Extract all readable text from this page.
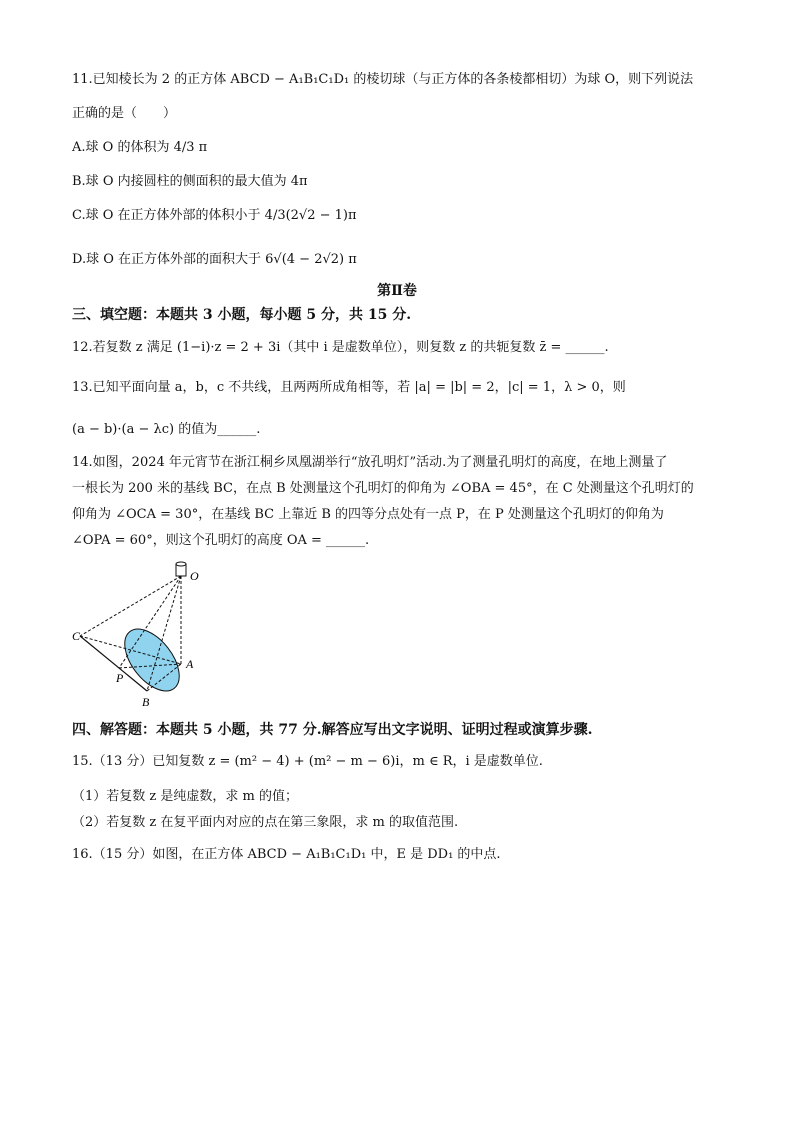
11.已知棱长为 2 的正方体 ABCD − A₁B₁C₁D₁ 的棱切球（与正方体的各条棱都相切）为球 O，则下列说法
正确的是（　　）
A.球 O 的体积为 4/3 π
B.球 O 内接圆柱的侧面积的最大值为 4π
C.球 O 在正方体外部的体积小于 4/3(2√2 − 1)π
D.球 O 在正方体外部的面积大于 6√(4 − 2√2) π
第Ⅱ卷
三、填空题：本题共 3 小题，每小题 5 分，共 15 分.
12.若复数 z 满足 (1−i)·z = 2 + 3i（其中 i 是虚数单位），则复数 z 的共轭复数 z̄ = ______.
13.已知平面向量 a，b，c 不共线，且两两所成角相等，若 |a| = |b| = 2，|c| = 1，λ > 0，则
(a − b)·(a − λc) 的值为______.
14.如图，2024 年元宵节在浙江桐乡凤凰湖举行“放孔明灯”活动.为了测量孔明灯的高度，在地上测量了
一根长为 200 米的基线 BC，在点 B 处测量这个孔明灯的仰角为 ∠OBA = 45°，在 C 处测量这个孔明灯的
仰角为 ∠OCA = 30°，在基线 BC 上靠近 B 的四等分点处有一点 P，在 P 处测量这个孔明灯的仰角为
∠OPA = 60°，则这个孔明灯的高度 OA = ______.
O
C
A
P
B
四、解答题：本题共 5 小题，共 77 分.解答应写出文字说明、证明过程或演算步骤.
15.（13 分）已知复数 z = (m² − 4) + (m² − m − 6)i，m ∈ R，i 是虚数单位.
（1）若复数 z 是纯虚数，求 m 的值；
（2）若复数 z 在复平面内对应的点在第三象限，求 m 的取值范围.
16.（15 分）如图，在正方体 ABCD − A₁B₁C₁D₁ 中，E 是 DD₁ 的中点.
